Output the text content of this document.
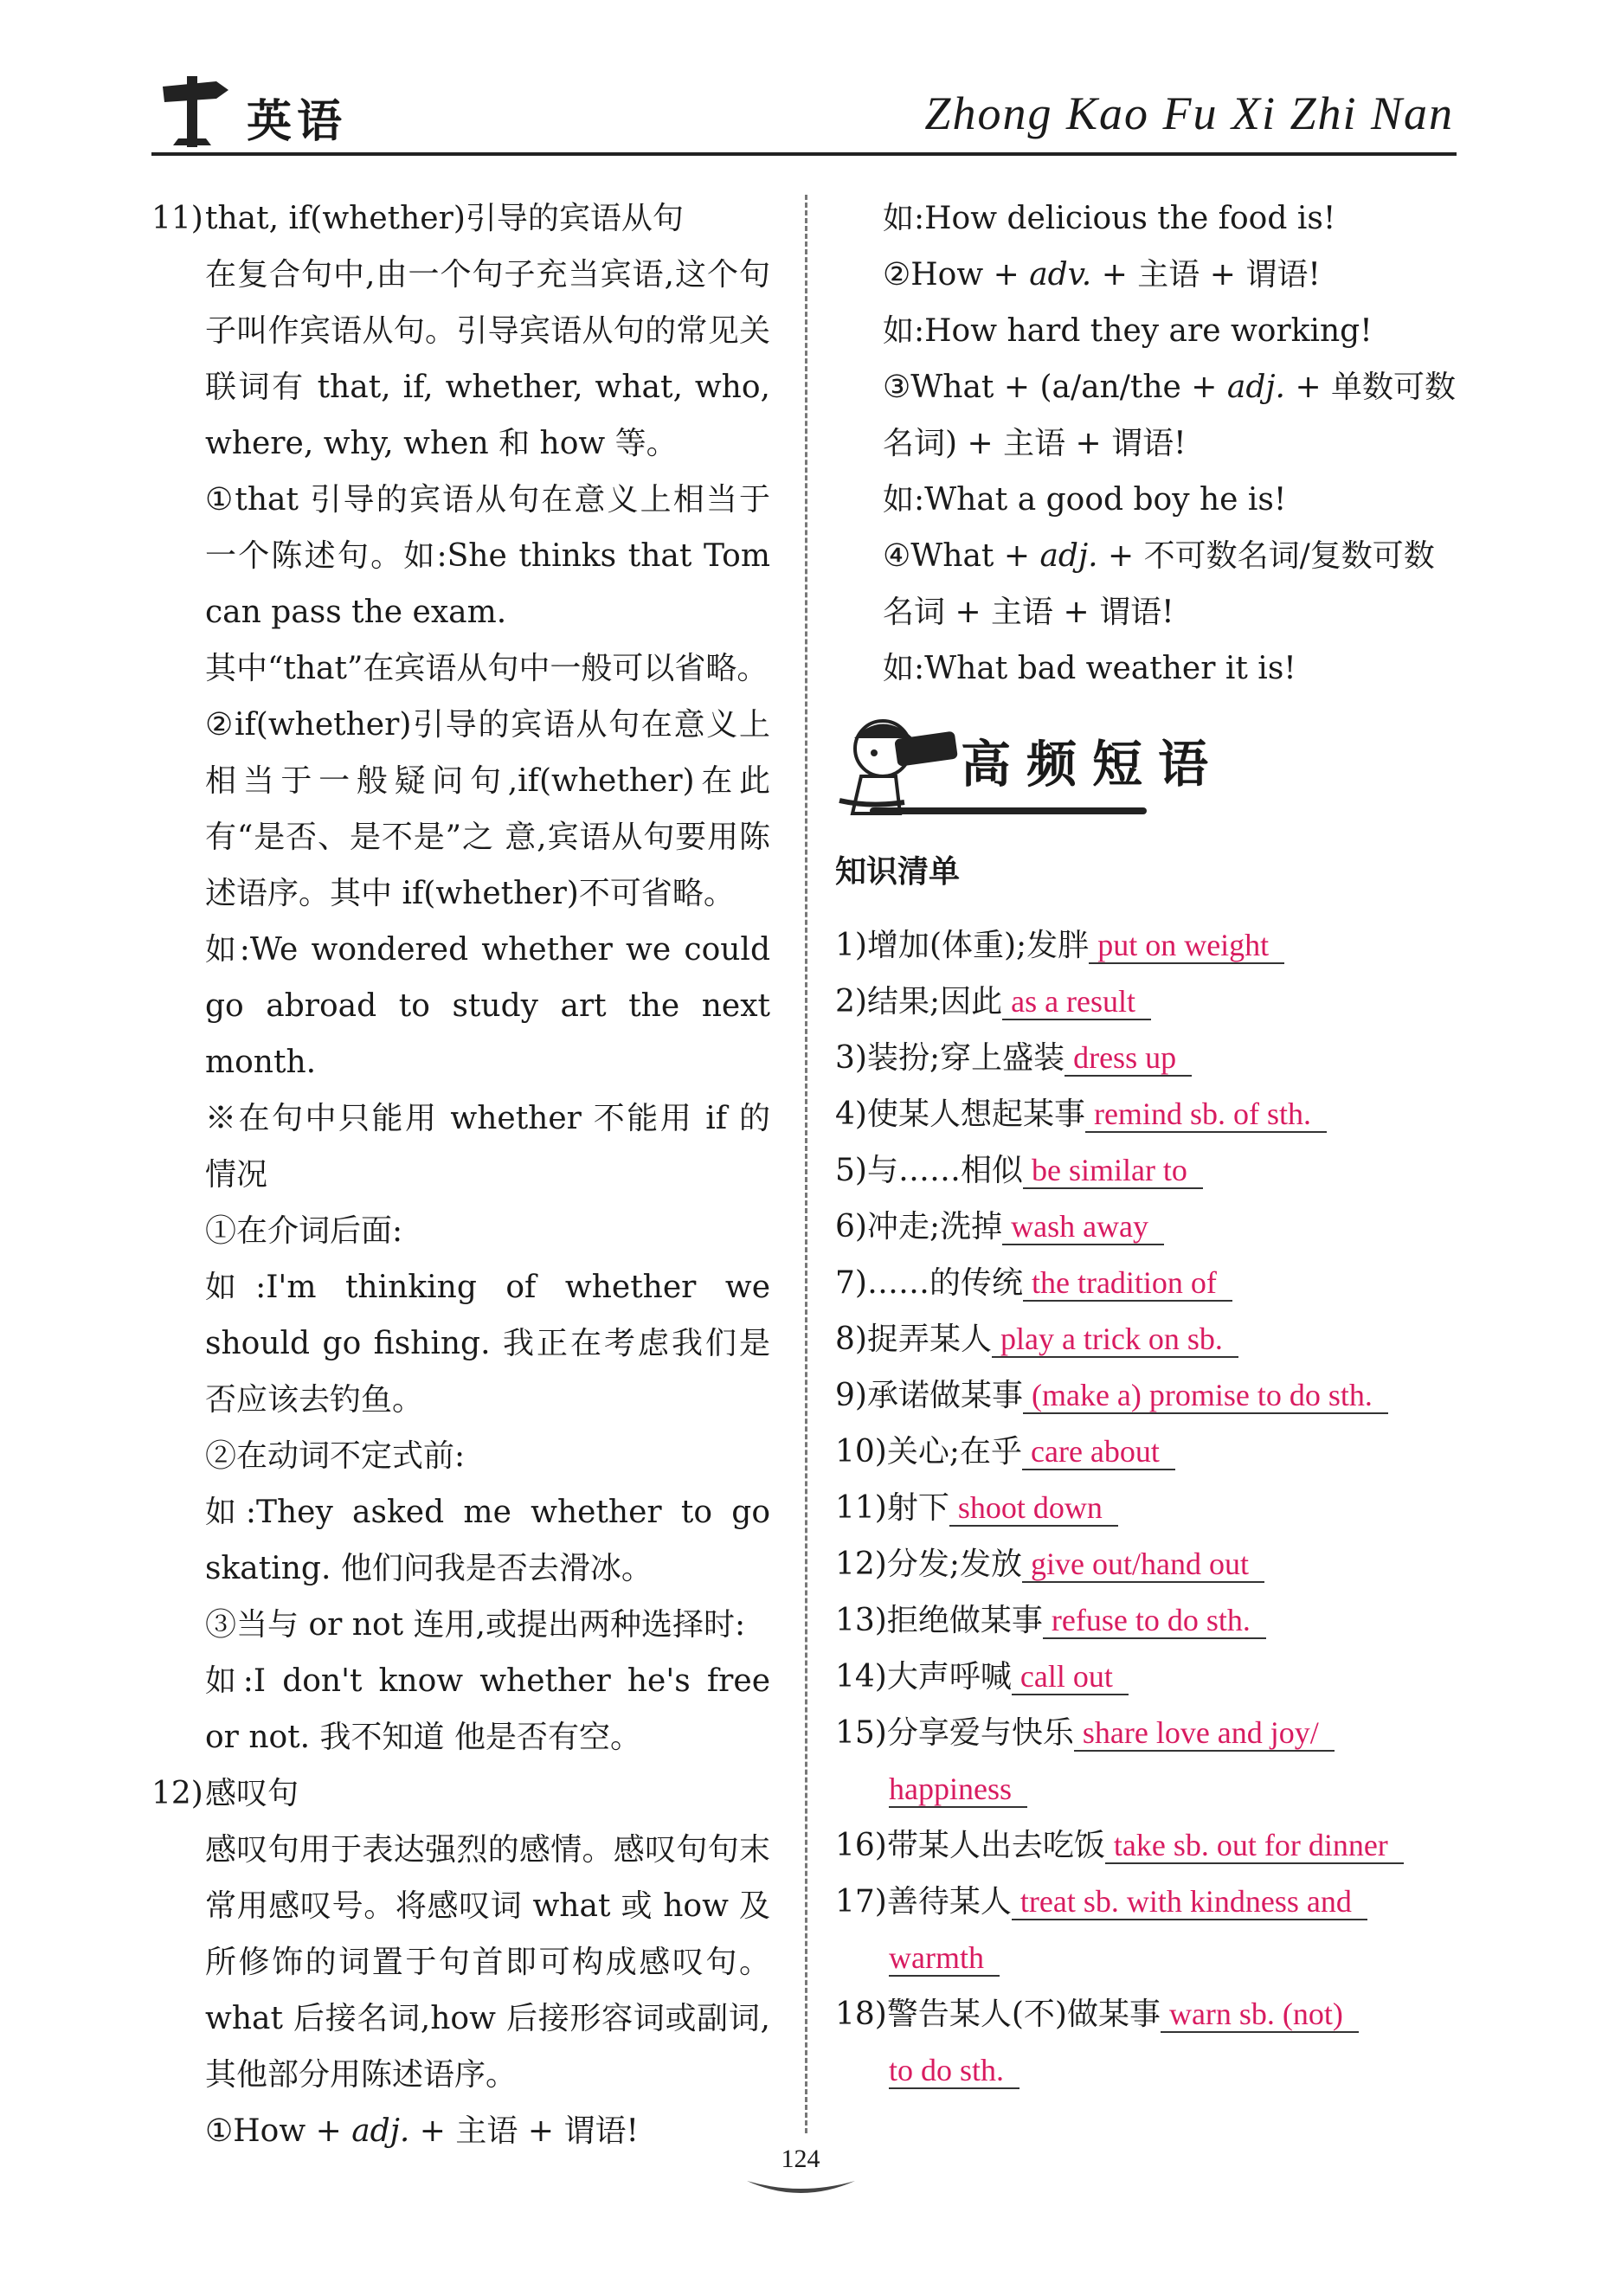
英语	Zhong Kao Fu Xi Zhi Nan

11)that, if(whether)引导的宾语从句

在复合句中,由一个句子充当宾语,这个句子叫作宾语从句。引导宾语从句的常见关联词有 that, if, whether, what, who, where, why, when 和 how 等。

①that 引导的宾语从句在意义上相当于一个陈述句。如:She thinks that Tom can pass the exam.

其中“that”在宾语从句中一般可以省略。

②if(whether)引导的宾语从句在意义上相当于一般疑问句,if(whether)在此有“是否、是不是”之 意,宾语从句要用陈述语序。其中 if(whether)不可省略。

如:We wondered whether we could go abroad to study art the next month.

※在句中只能用 whether 不能用 if 的情况

①在介词后面:

如:I'm thinking of whether we should go fishing. 我正在考虑我们是否应该去钓鱼。

②在动词不定式前:

如:They asked me whether to go skating. 他们问我是否去滑冰。

③当与 or not 连用,或提出两种选择时:

如:I don't know whether he's free or not. 我不知道 他是否有空。

12)感叹句

感叹句用于表达强烈的感情。感叹句句末常用感叹号。将感叹词 what 或 how 及所修饰的词置于句首即可构成感叹句。what 后接名词,how 后接形容词或副词,其他部分用陈述语序。

①How + adj. + 主语 + 谓语!

如:How delicious the food is!

②How + adv. + 主语 + 谓语!

如:How hard they are working!

③What + (a/an/the + adj. + 单数可数名词) + 主语 + 谓语!

如:What a good boy he is!

④What + adj. + 不可数名词/复数可数名词 + 主语 + 谓语!

如:What bad weather it is!

高频短语

知识清单

1)增加(体重);发胖 put on weight
2)结果;因此 as a result
3)装扮;穿上盛装 dress up
4)使某人想起某事 remind sb. of sth.
5)与……相似 be similar to
6)冲走;洗掉 wash away
7)……的传统 the tradition of
8)捉弄某人 play a trick on sb.
9)承诺做某事 (make a) promise to do sth.
10)关心;在乎 care about
11)射下 shoot down
12)分发;发放 give out/hand out
13)拒绝做某事 refuse to do sth.
14)大声呼喊 call out
15)分享爱与快乐 share love and joy/
happiness
16)带某人出去吃饭 take sb. out for dinner
17)善待某人 treat sb. with kindness and
warmth
18)警告某人(不)做某事 warn sb. (not)
to do sth.
124
